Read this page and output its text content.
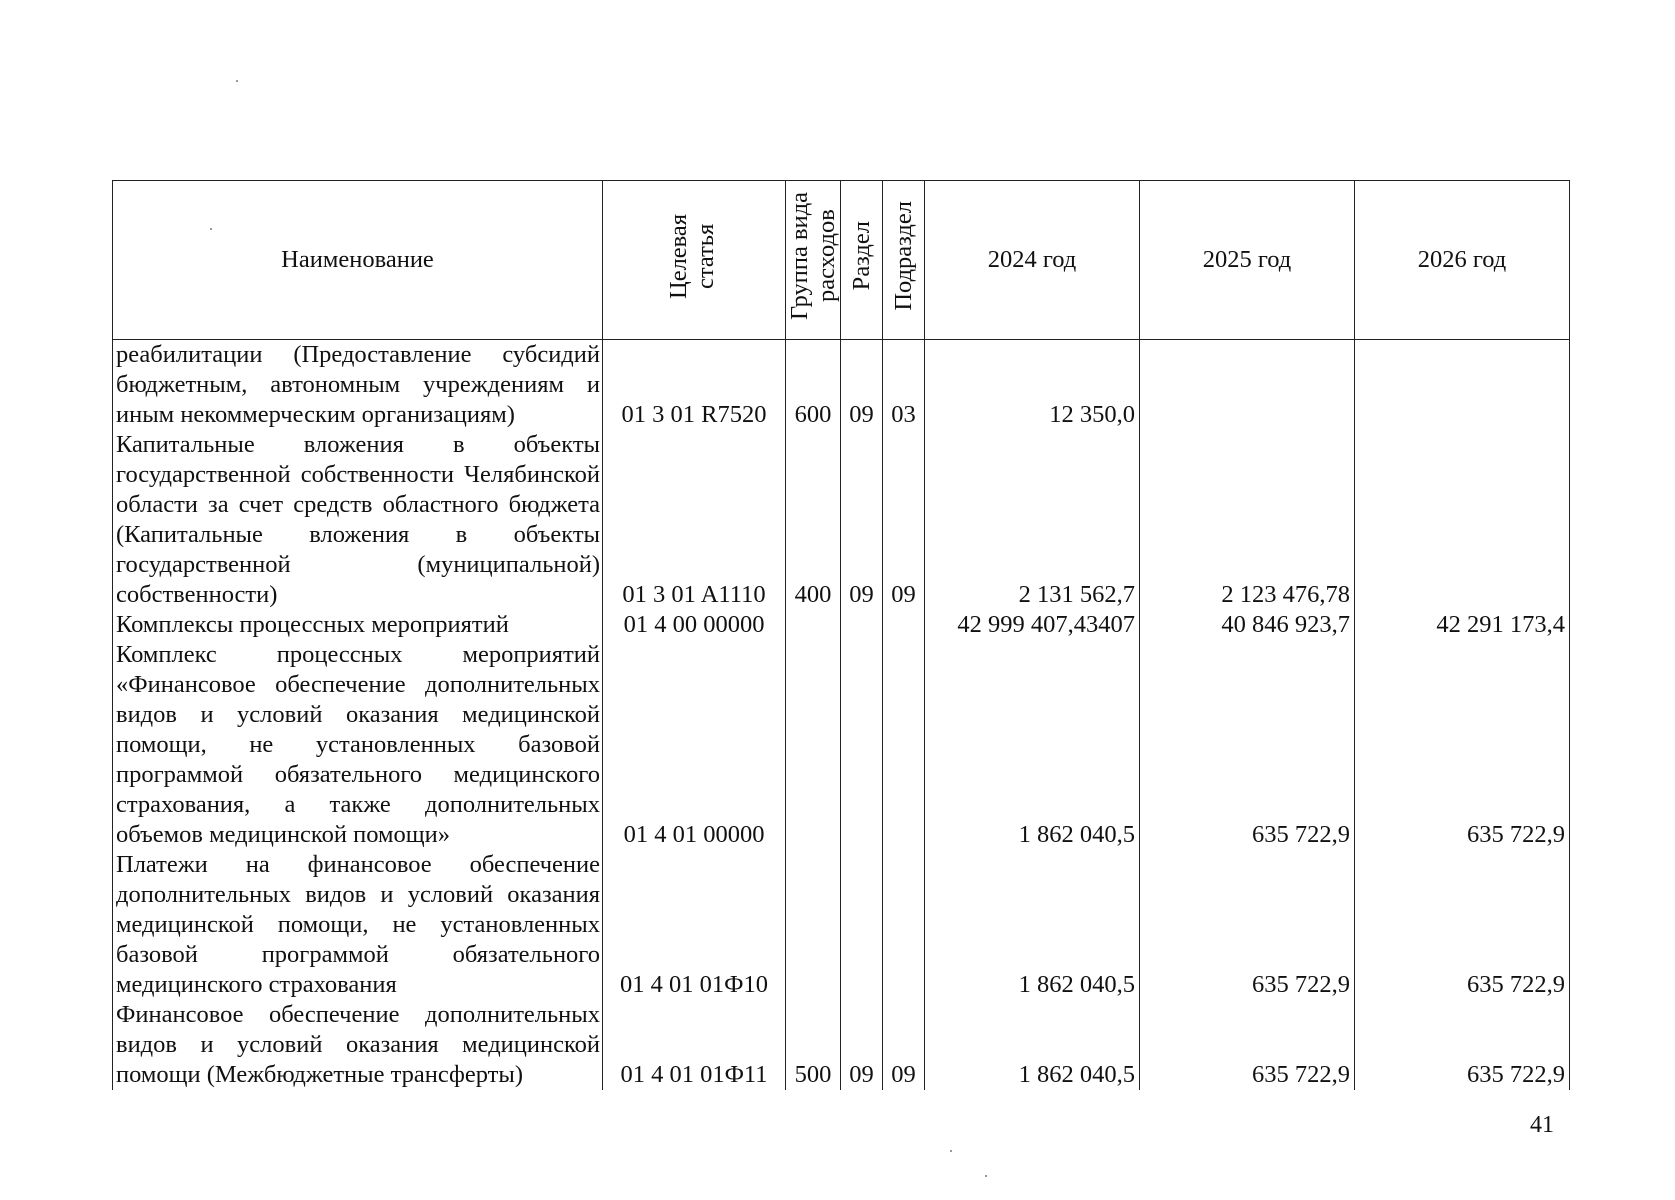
Наименование	Целевая статья	Группа вида расходов	Раздел	Подраздел	2024 год	2025 год	2026 год
реабилитации (Предоставление субсидий бюджетным, автономным учреждениям и иным некоммерческим организациям)	01 3 01 R7520	600	09	03	12 350,0		
Капитальные вложения в объекты государственной собственности Челябинской области за счет средств областного бюджета (Капитальные вложения в объекты государственной (муниципальной) собственности)	01 3 01 A1110	400	09	09	2 131 562,7	2 123 476,78	
Комплексы процессных мероприятий	01 4 00 00000				42 999 407,43407	40 846 923,7	42 291 173,4
Комплекс процессных мероприятий «Финансовое обеспечение дополнительных видов и условий оказания медицинской помощи, не установленных базовой программой обязательного медицинского страхования, а также дополнительных объемов медицинской помощи»	01 4 01 00000				1 862 040,5	635 722,9	635 722,9
Платежи на финансовое обеспечение дополнительных видов и условий оказания медицинской помощи, не установленных базовой программой обязательного медицинского страхования	01 4 01 01Ф10				1 862 040,5	635 722,9	635 722,9
Финансовое обеспечение дополнительных видов и условий оказания медицинской помощи (Межбюджетные трансферты)	01 4 01 01Ф11	500	09	09	1 862 040,5	635 722,9	635 722,9
41
